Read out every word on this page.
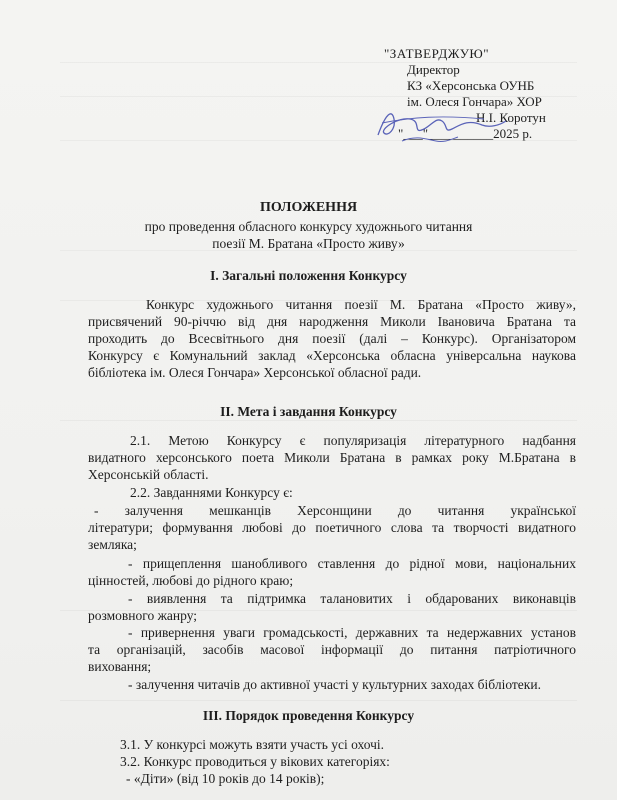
"ЗАТВЕРДЖУЮ"
Директор
КЗ «Херсонська ОУНБ
ім. Олеся Гончара» ХОР
Н.І. Коротун
"___"__________2025 р.
ПОЛОЖЕННЯ
про проведення обласного конкурсу художнього читання
поезії М. Братана «Просто живу»
І. Загальні положення Конкурсу
Конкурс художнього читання поезії М. Братана «Просто живу»,
присвячений 90-річчю від дня народження Миколи Івановича Братана та
проходить до Всесвітнього дня поезії (далі – Конкурс). Організатором
Конкурсу є Комунальний заклад «Херсонська обласна універсальна наукова
бібліотека ім. Олеся Гончара» Херсонської обласної ради.
ІІ. Мета і завдання Конкурсу
2.1. Метою Конкурсу є популяризація літературного надбання
видатного херсонського поета Миколи Братана в рамках року М.Братана в
Херсонській області.
2.2. Завданнями Конкурсу є:
- залучення мешканців Херсонщини до читання української
літератури; формування любові до поетичного слова та творчості видатного
земляка;
- прищеплення шанобливого ставлення до рідної мови, національних
цінностей, любові до рідного краю;
- виявлення та підтримка талановитих і обдарованих виконавців
розмовного жанру;
- привернення уваги громадськості, державних та недержавних установ
та організацій, засобів масової інформації до питання патріотичного
виховання;
- залучення читачів до активної участі у культурних заходах бібліотеки.
ІІІ. Порядок проведення Конкурсу
3.1. У конкурсі можуть взяти участь усі охочі.
3.2. Конкурс проводиться у вікових категоріях:
- «Діти» (від 10 років до 14 років);
